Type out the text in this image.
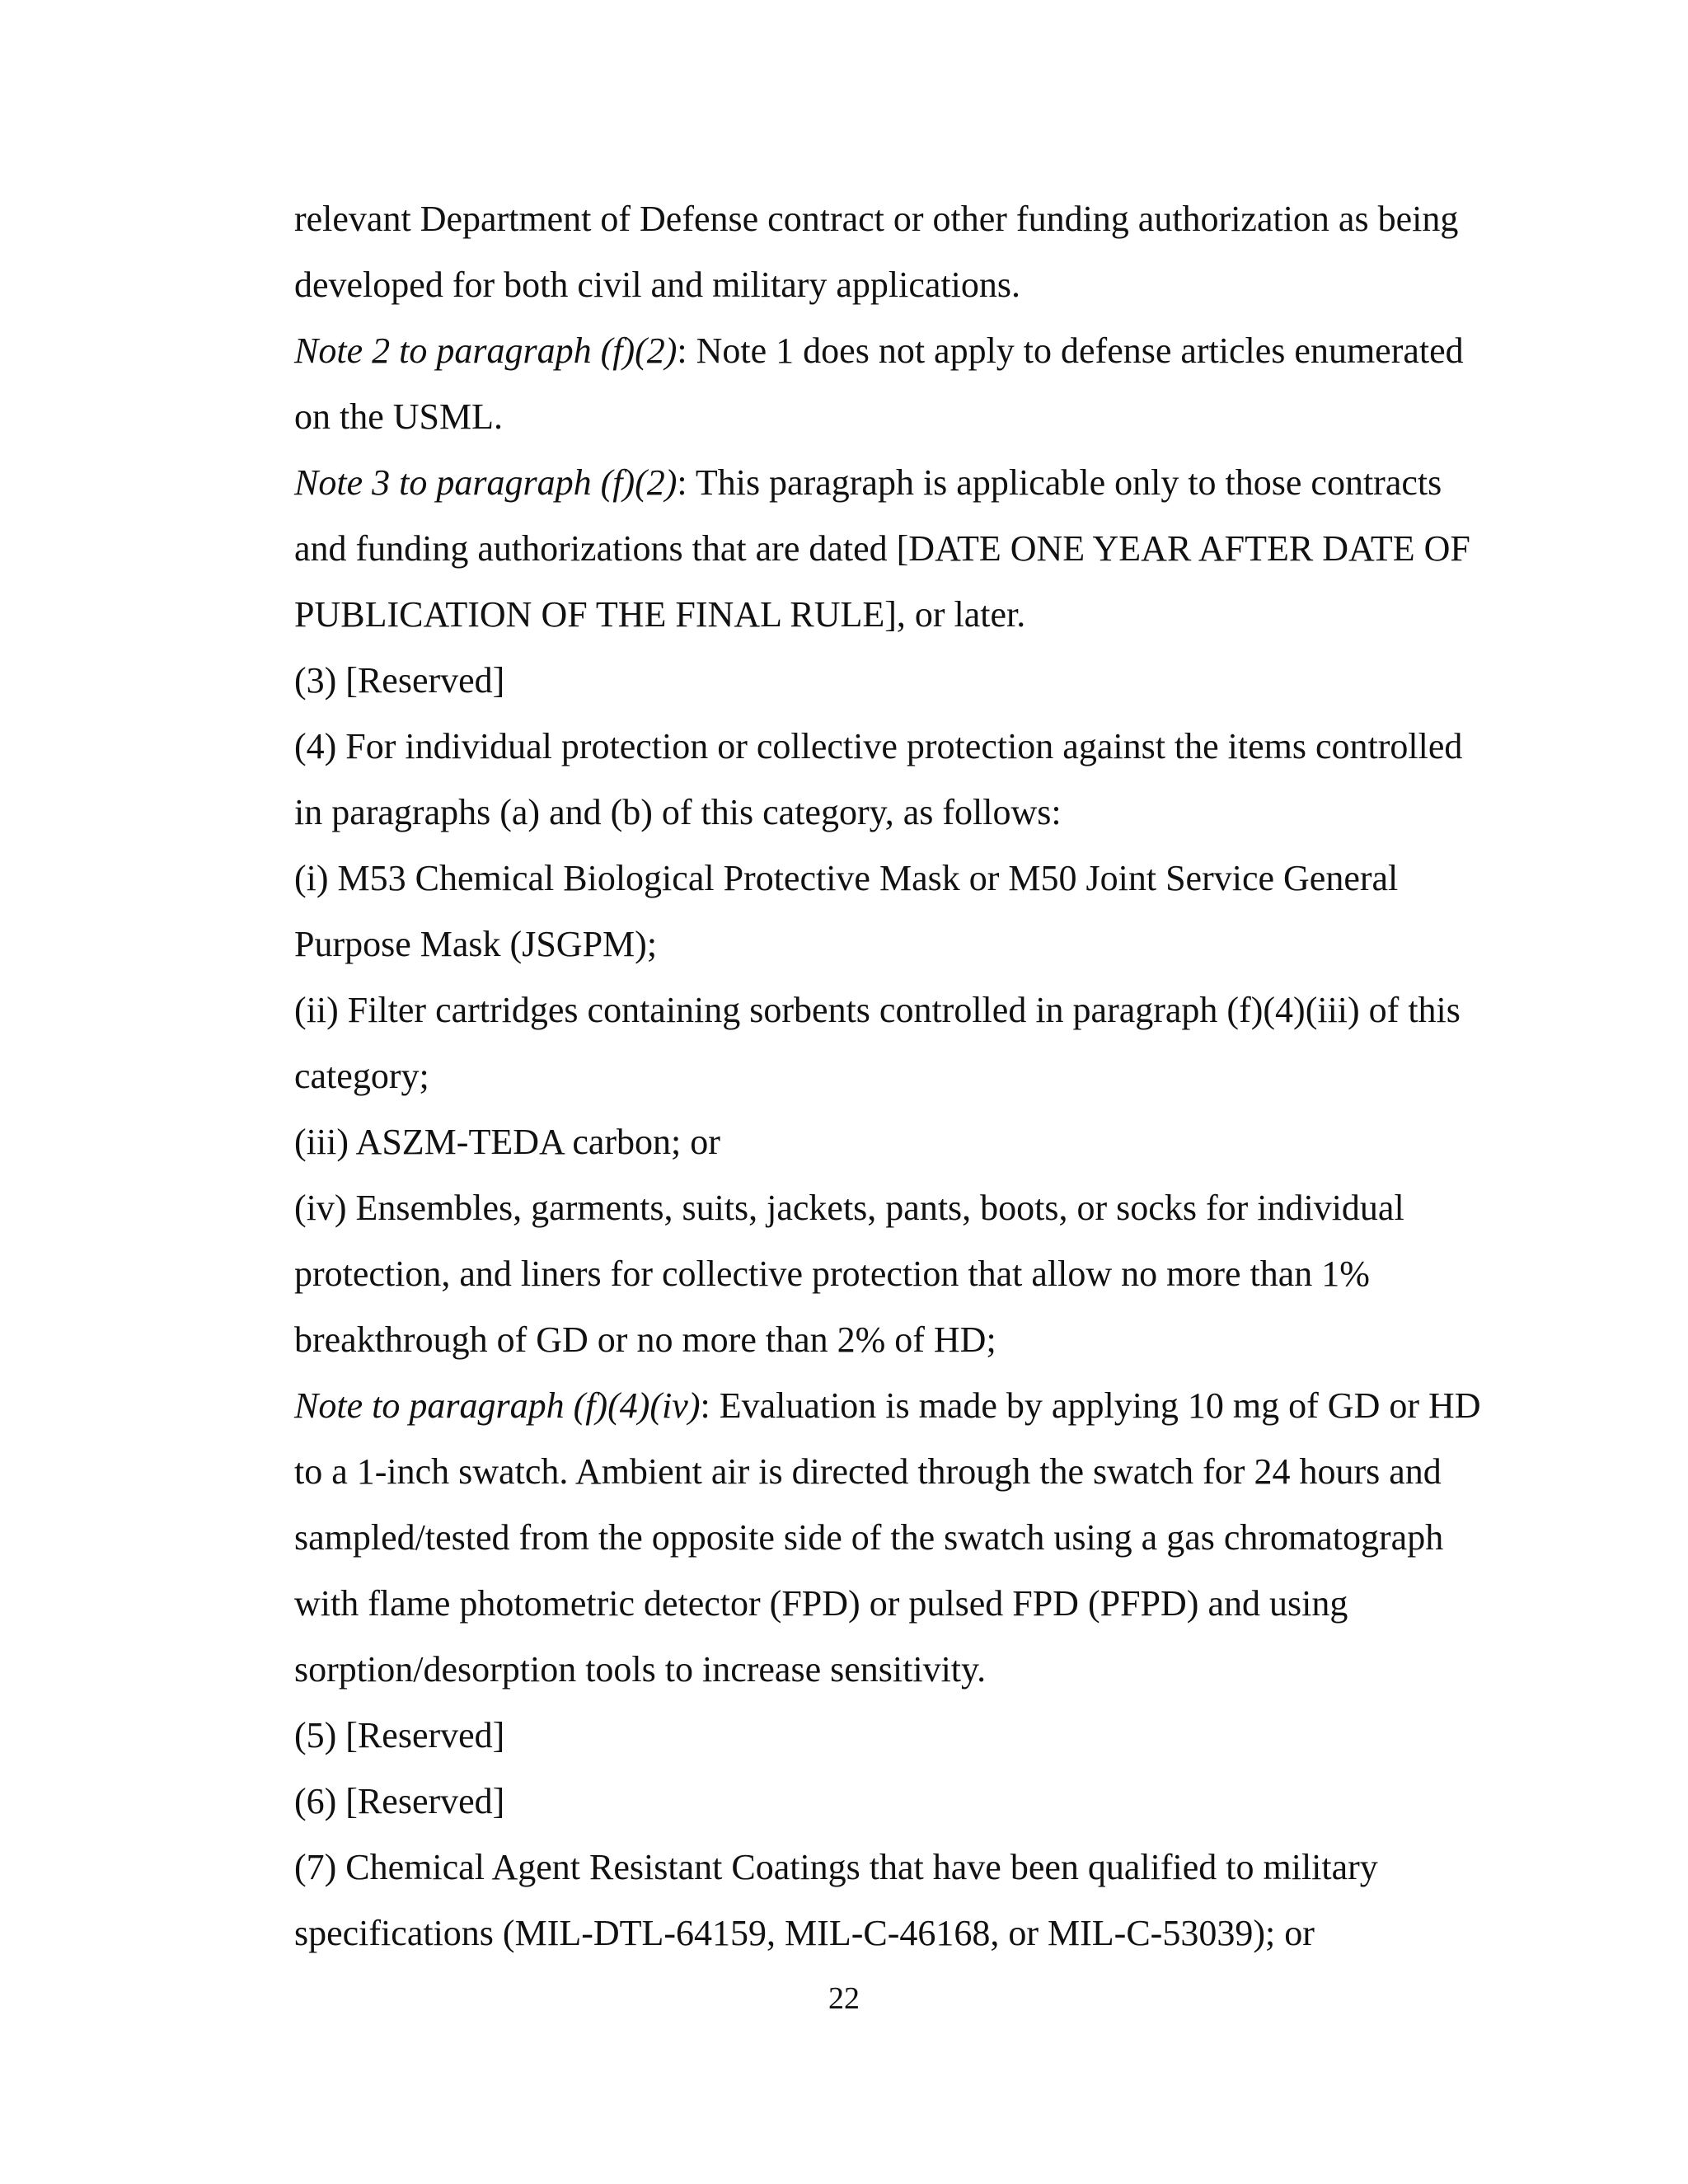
relevant Department of Defense contract or other funding authorization as being developed for both civil and military applications.

Note 2 to paragraph (f)(2): Note 1 does not apply to defense articles enumerated on the USML.

Note 3 to paragraph (f)(2): This paragraph is applicable only to those contracts and funding authorizations that are dated [DATE ONE YEAR AFTER DATE OF PUBLICATION OF THE FINAL RULE], or later.

(3) [Reserved]

(4) For individual protection or collective protection against the items controlled in paragraphs (a) and (b) of this category, as follows:

(i) M53 Chemical Biological Protective Mask or M50 Joint Service General Purpose Mask (JSGPM);

(ii) Filter cartridges containing sorbents controlled in paragraph (f)(4)(iii) of this category;

(iii) ASZM-TEDA carbon; or

(iv) Ensembles, garments, suits, jackets, pants, boots, or socks for individual protection, and liners for collective protection that allow no more than 1% breakthrough of GD or no more than 2% of HD;

Note to paragraph (f)(4)(iv): Evaluation is made by applying 10 mg of GD or HD to a 1-inch swatch. Ambient air is directed through the swatch for 24 hours and sampled/tested from the opposite side of the swatch using a gas chromatograph with flame photometric detector (FPD) or pulsed FPD (PFPD) and using sorption/desorption tools to increase sensitivity.

(5) [Reserved]

(6) [Reserved]

(7) Chemical Agent Resistant Coatings that have been qualified to military specifications (MIL-DTL-64159, MIL-C-46168, or MIL-C-53039); or

22
